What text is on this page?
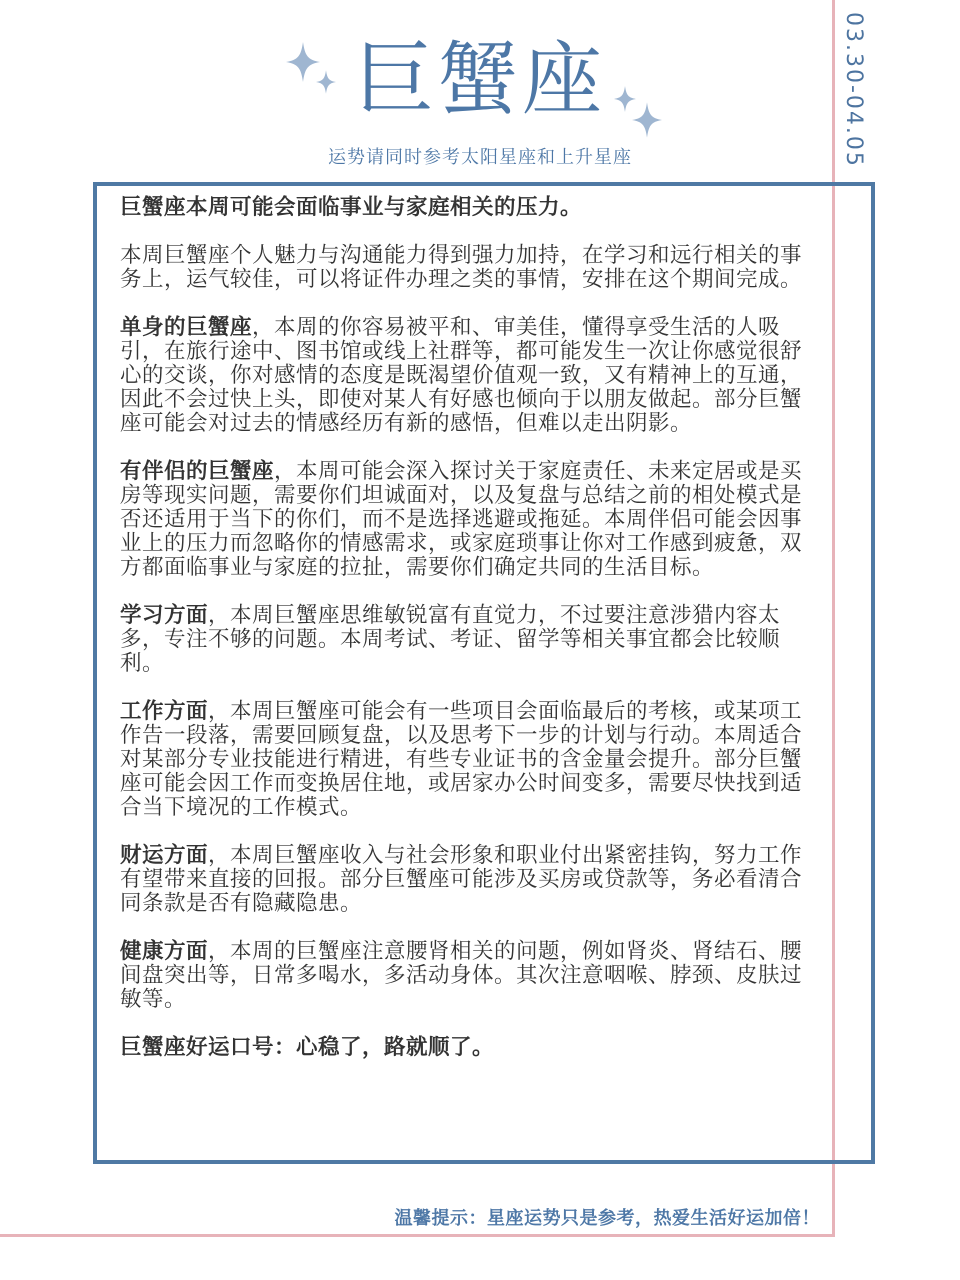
03.30-04.05
巨蟹座
运势请同时参考太阳星座和上升星座

巨蟹座本周可能会面临事业与家庭相关的压力。

本周巨蟹座个人魅力与沟通能力得到强力加持，在学习和远行相关的事务上，运气较佳，可以将证件办理之类的事情，安排在这个期间完成。

单身的巨蟹座，本周的你容易被平和、审美佳，懂得享受生活的人吸引，在旅行途中、图书馆或线上社群等，都可能发生一次让你感觉很舒心的交谈，你对感情的态度是既渴望价值观一致，又有精神上的互通，因此不会过快上头，即使对某人有好感也倾向于以朋友做起。部分巨蟹座可能会对过去的情感经历有新的感悟，但难以走出阴影。

有伴侣的巨蟹座，本周可能会深入探讨关于家庭责任、未来定居或是买房等现实问题，需要你们坦诚面对，以及复盘与总结之前的相处模式是否还适用于当下的你们，而不是选择逃避或拖延。本周伴侣可能会因事业上的压力而忽略你的情感需求，或家庭琐事让你对工作感到疲惫，双方都面临事业与家庭的拉扯，需要你们确定共同的生活目标。

学习方面，本周巨蟹座思维敏锐富有直觉力，不过要注意涉猎内容太多，专注不够的问题。本周考试、考证、留学等相关事宜都会比较顺利。

工作方面，本周巨蟹座可能会有一些项目会面临最后的考核，或某项工作告一段落，需要回顾复盘，以及思考下一步的计划与行动。本周适合对某部分专业技能进行精进，有些专业证书的含金量会提升。部分巨蟹座可能会因工作而变换居住地，或居家办公时间变多，需要尽快找到适合当下境况的工作模式。

财运方面，本周巨蟹座收入与社会形象和职业付出紧密挂钩，努力工作有望带来直接的回报。部分巨蟹座可能涉及买房或贷款等，务必看清合同条款是否有隐藏隐患。

健康方面，本周的巨蟹座注意腰肾相关的问题，例如肾炎、肾结石、腰间盘突出等，日常多喝水，多活动身体。其次注意咽喉、脖颈、皮肤过敏等。

巨蟹座好运口号：心稳了，路就顺了。

温馨提示：星座运势只是参考，热爱生活好运加倍！
